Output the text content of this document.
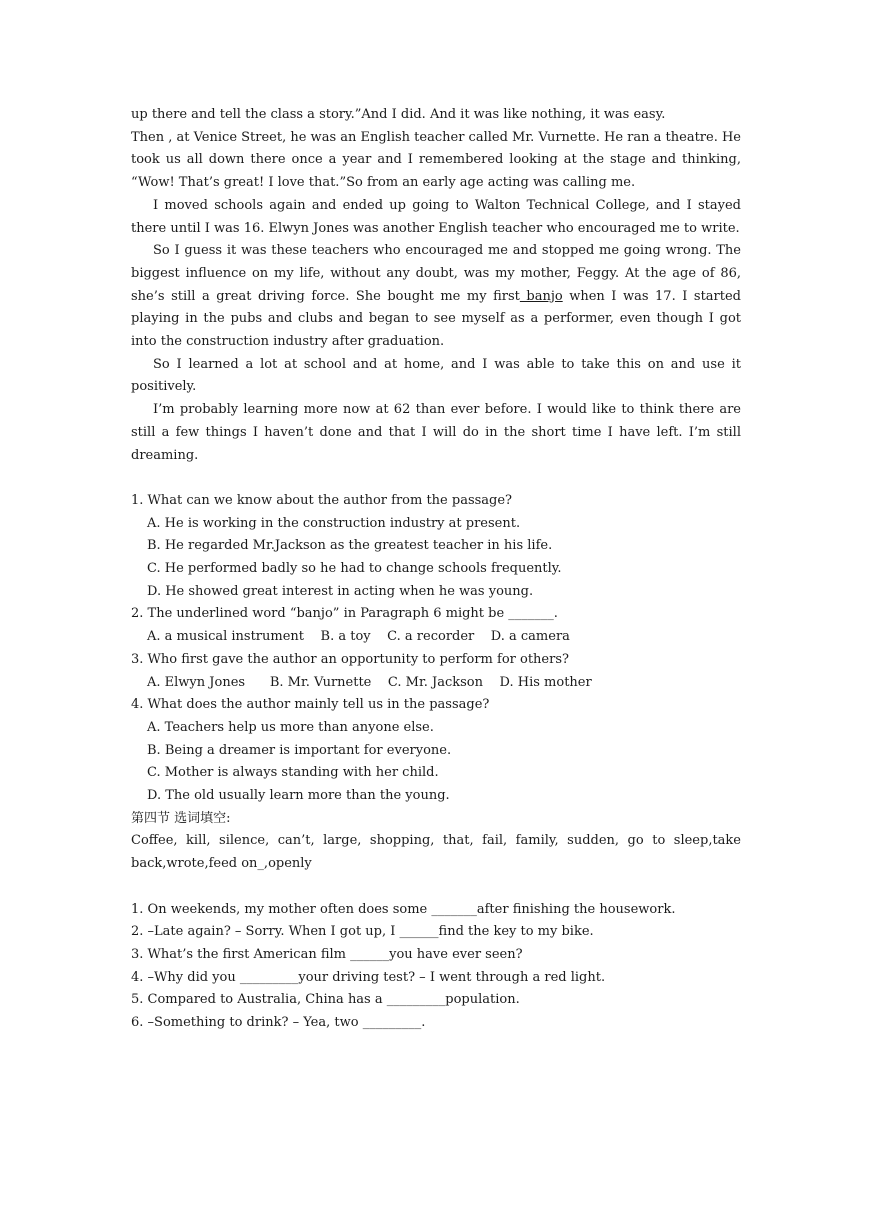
up there and tell the class a story.”And I did. And it was like nothing, it was easy.

Then , at Venice Street, he was an English teacher called Mr. Vurnette. He ran a theatre. He took us all down there once a year and I remembered looking at the stage and thinking, “Wow! That’s great! I love that.”So from an early age acting was calling me.

I moved schools again and ended up going to Walton Technical College, and I stayed there until I was 16. Elwyn Jones was another English teacher who encouraged me to write.

So I guess it was these teachers who encouraged me and stopped me going wrong. The biggest influence on my life, without any doubt, was my mother, Feggy. At the age of 86, she’s still a great driving force. She bought me my first banjo when I was 17. I started playing in the pubs and clubs and began to see myself as a performer, even though I got into the construction industry after graduation.

So I learned a lot at school and at home, and I was able to take this on and use it positively.

I’m probably learning more now at 62 than ever before. I would like to think there are still a few things I haven’t done and that I will do in the short time I have left. I’m still dreaming.

1. What can we know about the author from the passage?

A. He is working in the construction industry at present.

B. He regarded Mr.Jackson as the greatest teacher in his life.

C. He performed badly so he had to change schools frequently.

D. He showed great interest in acting when he was young.

2. The underlined word “banjo” in Paragraph 6 might be _______.

A. a musical instrument    B. a toy    C. a recorder    D. a camera

3. Who first gave the author an opportunity to perform for others?

A. Elwyn Jones      B. Mr. Vurnette    C. Mr. Jackson    D. His mother

4. What does the author mainly tell us in the passage?

A. Teachers help us more than anyone else.

B. Being a dreamer is important for everyone.

C. Mother is always standing with her child.

D. The old usually learn more than the young.

第四节 选词填空:

Coffee, kill, silence, can’t, large, shopping, that, fail, family, sudden, go to sleep,take back,wrote,feed on_,openly

1. On weekends, my mother often does some _______after finishing the housework.

2. –Late again? – Sorry. When I got up, I ______find the key to my bike.

3. What’s the first American film ______you have ever seen?

4. –Why did you _________your driving test? – I went through a red light.

5. Compared to Australia, China has a _________population.

6. –Something to drink? – Yea, two _________.
